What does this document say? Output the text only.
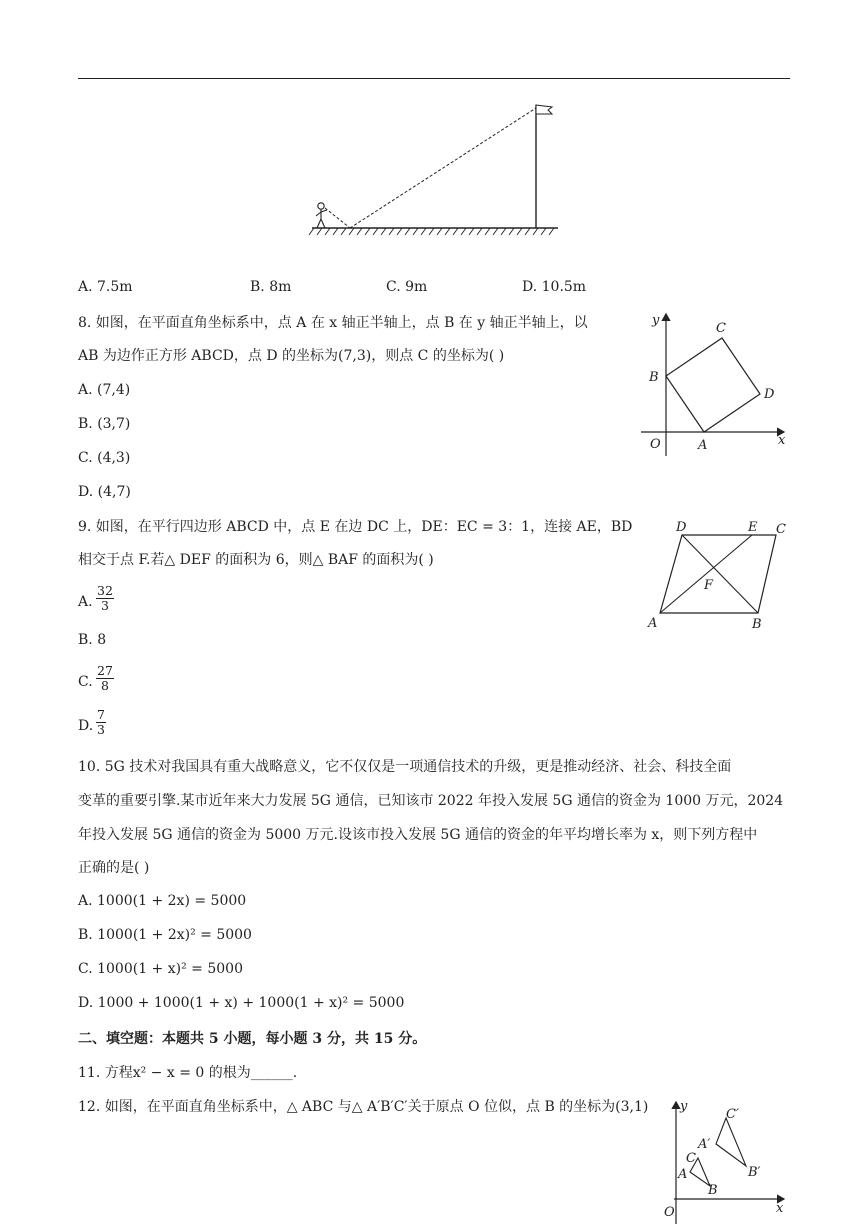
A. 7.5m	B. 8m	C. 9m	D. 10.5m
8. 如图，在平面直角坐标系中，点 A 在 x 轴正半轴上，点 B 在 y 轴正半轴上，以
AB 为边作正方形 ABCD，点 D 的坐标为(7,3)，则点 C 的坐标为( )
A. (7,4)
B. (3,7)
C. (4,3)
D. (4,7)
y
x
O	A
B
C
D
9. 如图，在平行四边形 ABCD 中，点 E 在边 DC 上，DE：EC = 3：1，连接 AE，BD
相交于点 F.若△ DEF 的面积为 6，则△ BAF 的面积为( )
A. $\frac{32}{3}$
B. 8
C. $\frac{27}{8}$
D. $\frac{7}{3}$
D	E C
F
A	B
10. 5G 技术对我国具有重大战略意义，它不仅仅是一项通信技术的升级，更是推动经济、社会、科技全面
变革的重要引擎.某市近年来大力发展 5G 通信，已知该市 2022 年投入发展 5G 通信的资金为 1000 万元，2024
年投入发展 5G 通信的资金为 5000 万元.设该市投入发展 5G 通信的资金的年平均增长率为 x，则下列方程中
正确的是( )
A. 1000(1 + 2x) = 5000
B. 1000(1 + 2x)² = 5000
C. 1000(1 + x)² = 5000
D. 1000 + 1000(1 + x) + 1000(1 + x)² = 5000
二、填空题：本题共 5 小题，每小题 3 分，共 15 分。
11. 方程x² − x = 0 的根为______.
12. 如图，在平面直角坐标系中，△ ABC 与△ A′B′C′关于原点 O 位似，点 B 的坐标为(3,1) y
x
O
A
B
C
A′
B′
C′
